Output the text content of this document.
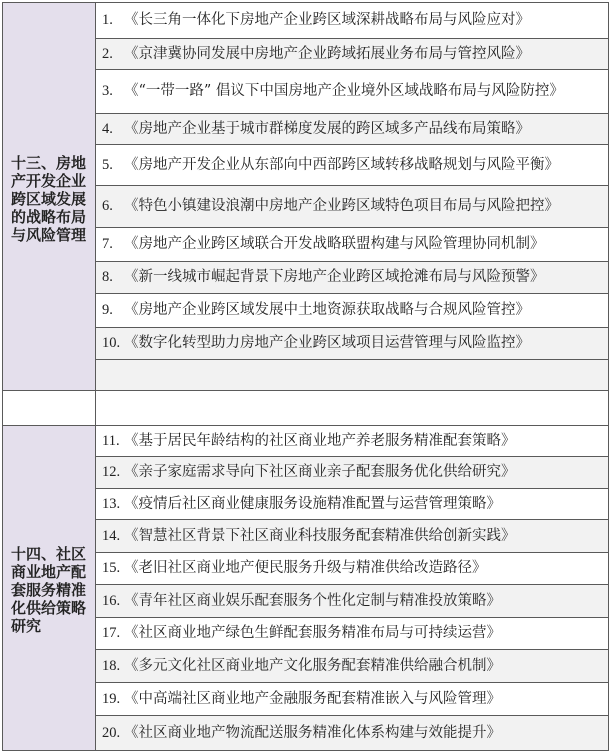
十三、房地产开发企业跨区域发展的战略布局与风险管理
1. 《长三角一体化下房地产企业跨区域深耕战略布局与风险应对》
2. 《京津冀协同发展中房地产企业跨域拓展业务布局与管控风险》
3. 《“一带一路” 倡议下中国房地产企业境外区域战略布局与风险防控》
4. 《房地产企业基于城市群梯度发展的跨区域多产品线布局策略》
5. 《房地产开发企业从东部向中西部跨区域转移战略规划与风险平衡》
6. 《特色小镇建设浪潮中房地产企业跨区域特色项目布局与风险把控》
7. 《房地产企业跨区域联合开发战略联盟构建与风险管理协同机制》
8. 《新一线城市崛起背景下房地产企业跨区域抢滩布局与风险预警》
9. 《房地产企业跨区域发展中土地资源获取战略与合规风险管控》
10. 《数字化转型助力房地产企业跨区域项目运营管理与风险监控》
十四、社区商业地产配套服务精准化供给策略研究
11. 《基于居民年龄结构的社区商业地产养老服务精准配套策略》
12. 《亲子家庭需求导向下社区商业亲子配套服务优化供给研究》
13. 《疫情后社区商业健康服务设施精准配置与运营管理策略》
14. 《智慧社区背景下社区商业科技服务配套精准供给创新实践》
15. 《老旧社区商业地产便民服务升级与精准供给改造路径》
16. 《青年社区商业娱乐配套服务个性化定制与精准投放策略》
17. 《社区商业地产绿色生鲜配套服务精准布局与可持续运营》
18. 《多元文化社区商业地产文化服务配套精准供给融合机制》
19. 《中高端社区商业地产金融服务配套精准嵌入与风险管理》
20. 《社区商业地产物流配送服务精准化体系构建与效能提升》
